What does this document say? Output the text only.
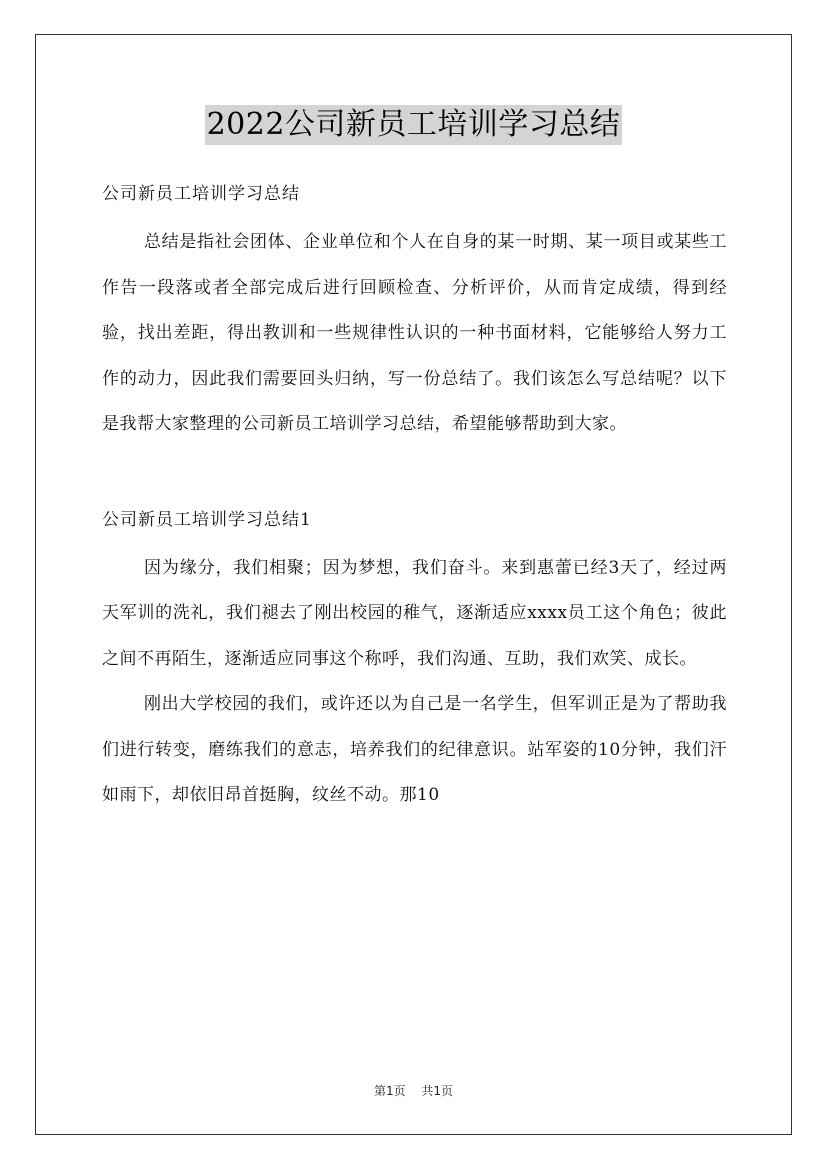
2022公司新员工培训学习总结

公司新员工培训学习总结

总结是指社会团体、企业单位和个人在自身的某一时期、某一项目或某些工作告一段落或者全部完成后进行回顾检查、分析评价，从而肯定成绩，得到经验，找出差距，得出教训和一些规律性认识的一种书面材料，它能够给人努力工作的动力，因此我们需要回头归纳，写一份总结了。我们该怎么写总结呢？以下是我帮大家整理的公司新员工培训学习总结，希望能够帮助到大家。

公司新员工培训学习总结1

因为缘分，我们相聚；因为梦想，我们奋斗。来到惠蕾已经3天了，经过两天军训的洗礼，我们褪去了刚出校园的稚气，逐渐适应xxxx员工这个角色；彼此之间不再陌生，逐渐适应同事这个称呼，我们沟通、互助，我们欢笑、成长。

刚出大学校园的我们，或许还以为自己是一名学生，但军训正是为了帮助我们进行转变，磨练我们的意志，培养我们的纪律意识。站军姿的10分钟，我们汗如雨下，却依旧昂首挺胸，纹丝不动。那10

第1页 共1页
